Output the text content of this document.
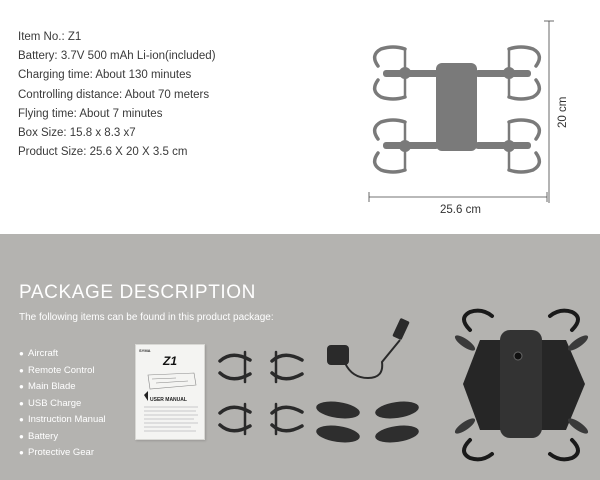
Item No.: Z1
Battery: 3.7V 500 mAh Li-ion(included)
Charging time: About 130 minutes
Controlling distance: About 70 meters
Flying time: About 7 minutes
Box Size: 15.8 x 8.3 x7
Product Size: 25.6 X 20 X 3.5 cm
25.6 cm
20 cm
PACKAGE DESCRIPTION

The following items can be found in this product package:

● Aircraft
● Remote Control
● Main Blade
● USB Charge
● Instruction Manual
● Battery
● Protective Gear
SYMA
Z1
USER MANUAL
